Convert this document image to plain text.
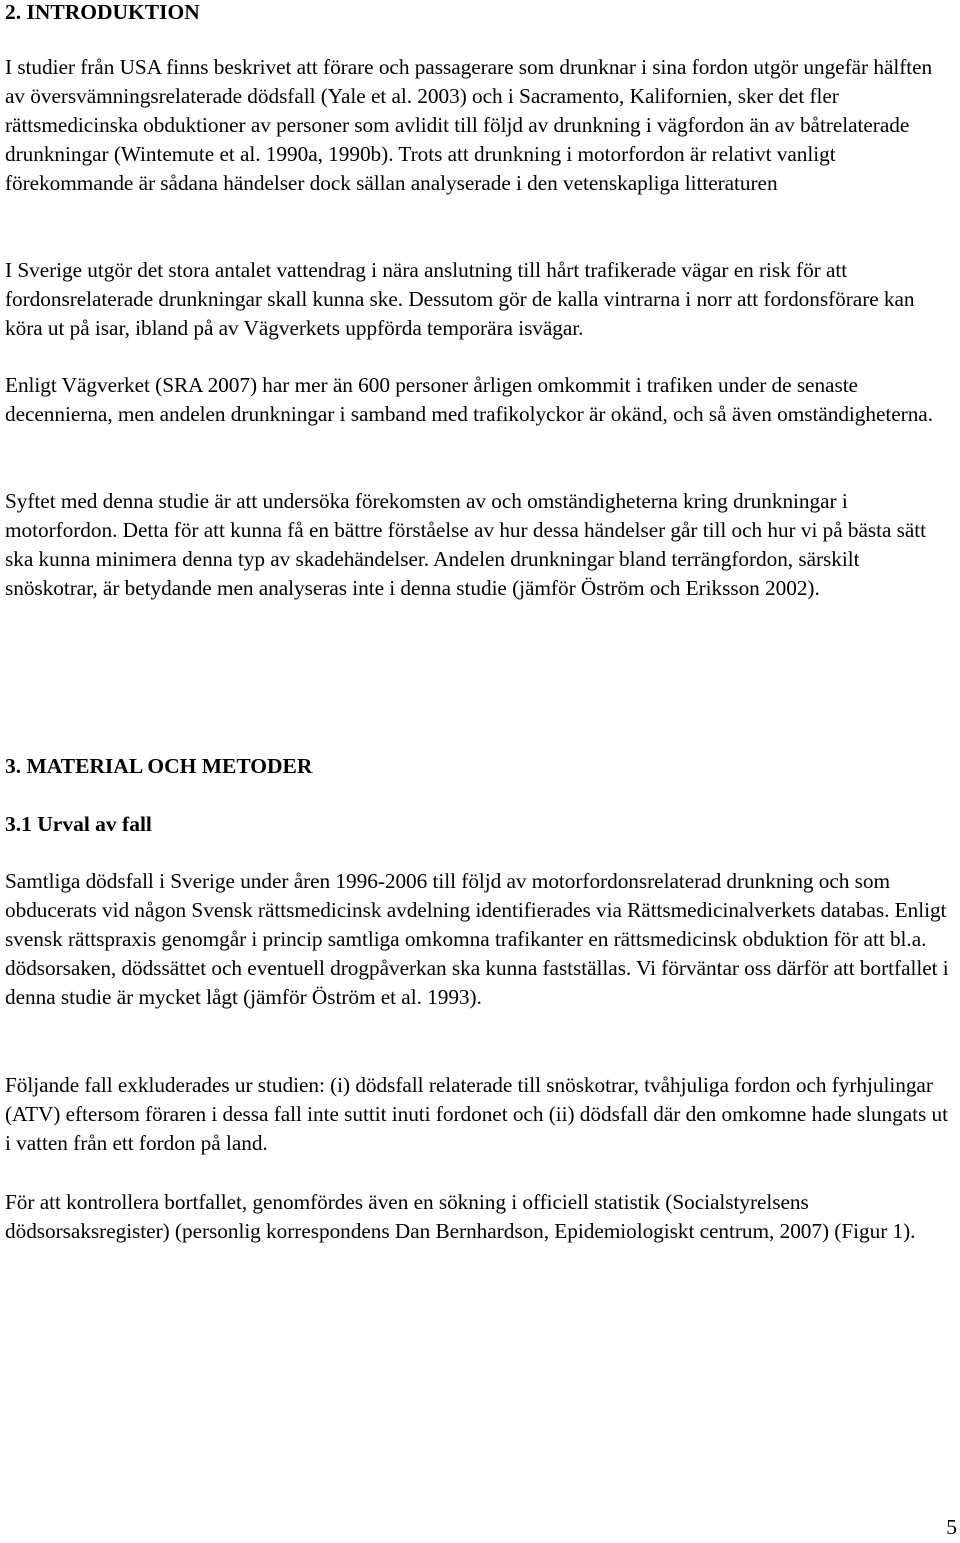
2. INTRODUKTION

I studier från USA finns beskrivet att förare och passagerare som drunknar i sina fordon utgör ungefär hälften av översvämningsrelaterade dödsfall (Yale et al. 2003) och i Sacramento, Kalifornien, sker det fler rättsmedicinska obduktioner av personer som avlidit till följd av drunkning i vägfordon än av båtrelaterade drunkningar (Wintemute et al. 1990a, 1990b). Trots att drunkning i motorfordon är relativt vanligt förekommande är sådana händelser dock sällan analyserade i den vetenskapliga litteraturen

I Sverige utgör det stora antalet vattendrag i nära anslutning till hårt trafikerade vägar en risk för att fordonsrelaterade drunkningar skall kunna ske. Dessutom gör de kalla vintrarna i norr att fordonsförare kan köra ut på isar, ibland på av Vägverkets uppförda temporära isvägar.

Enligt Vägverket (SRA 2007) har mer än 600 personer årligen omkommit i trafiken under de senaste decennierna, men andelen drunkningar i samband med trafikolyckor är okänd, och så även omständigheterna.

Syftet med denna studie är att undersöka förekomsten av och omständigheterna kring drunkningar i motorfordon. Detta för att kunna få en bättre förståelse av hur dessa händelser går till och hur vi på bästa sätt ska kunna minimera denna typ av skadehändelser. Andelen drunkningar bland terrängfordon, särskilt snöskotrar, är betydande men analyseras inte i denna studie (jämför Öström och Eriksson 2002).

3. MATERIAL OCH METODER
3.1 Urval av fall

Samtliga dödsfall i Sverige under åren 1996-2006 till följd av motorfordonsrelaterad drunkning och som obducerats vid någon Svensk rättsmedicinsk avdelning identifierades via Rättsmedicinalverkets databas. Enligt svensk rättspraxis genomgår i princip samtliga omkomna trafikanter en rättsmedicinsk obduktion för att bl.a. dödsorsaken, dödssättet och eventuell drogpåverkan ska kunna fastställas. Vi förväntar oss därför att bortfallet i denna studie är mycket lågt (jämför Öström et al. 1993).

Följande fall exkluderades ur studien: (i) dödsfall relaterade till snöskotrar, tvåhjuliga fordon och fyrhjulingar (ATV) eftersom föraren i dessa fall inte suttit inuti fordonet och (ii) dödsfall där den omkomne hade slungats ut i vatten från ett fordon på land.

För att kontrollera bortfallet, genomfördes även en sökning i officiell statistik (Socialstyrelsens dödsorsaksregister) (personlig korrespondens Dan Bernhardson, Epidemiologiskt centrum, 2007) (Figur 1).

5
